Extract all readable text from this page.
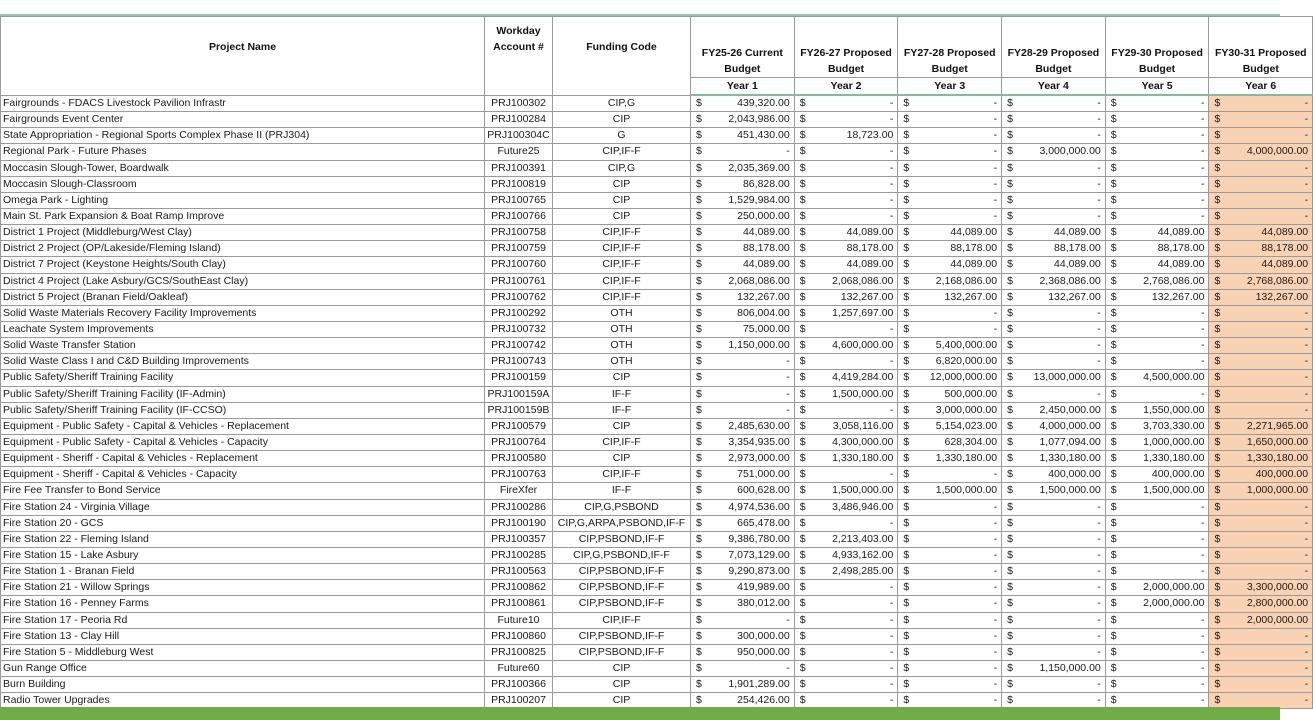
Project Name	Workday Account #	Funding Code	FY25-26 Current Budget	FY26-27 Proposed Budget	FY27-28 Proposed Budget	FY28-29 Proposed Budget	FY29-30 Proposed Budget	FY30-31 Proposed Budget
			Year 1	Year 2	Year 3	Year 4	Year 5	Year 6
Fairgrounds - FDACS Livestock Pavilion Infrastr	PRJ100302	CIP,G	$ 439,320.00	$ -	$ -	$ -	$ -	$ -
Fairgrounds Event Center	PRJ100284	CIP	$ 2,043,986.00	$ -	$ -	$ -	$ -	$ -
State Appropriation - Regional Sports Complex Phase II (PRJ304)	PRJ100304C	G	$ 451,430.00	$ 18,723.00	$ -	$ -	$ -	$ -
Regional Park - Future Phases	Future25	CIP,IF-F	$ -	$ -	$ -	$ 3,000,000.00	$ -	$ 4,000,000.00
Moccasin Slough-Tower, Boardwalk	PRJ100391	CIP,G	$ 2,035,369.00	$ -	$ -	$ -	$ -	$ -
Moccasin Slough-Classroom	PRJ100819	CIP	$ 86,828.00	$ -	$ -	$ -	$ -	$ -
Omega Park - Lighting	PRJ100765	CIP	$ 1,529,984.00	$ -	$ -	$ -	$ -	$ -
Main St. Park Expansion & Boat Ramp Improve	PRJ100766	CIP	$ 250,000.00	$ -	$ -	$ -	$ -	$ -
District 1 Project (Middleburg/West Clay)	PRJ100758	CIP,IF-F	$ 44,089.00	$ 44,089.00	$ 44,089.00	$ 44,089.00	$ 44,089.00	$ 44,089.00
District 2 Project (OP/Lakeside/Fleming Island)	PRJ100759	CIP,IF-F	$ 88,178.00	$ 88,178.00	$ 88,178.00	$ 88,178.00	$ 88,178.00	$ 88,178.00
District 7 Project (Keystone Heights/South Clay)	PRJ100760	CIP,IF-F	$ 44,089.00	$ 44,089.00	$ 44,089.00	$ 44,089.00	$ 44,089.00	$ 44,089.00
District 4 Project (Lake Asbury/GCS/SouthEast Clay)	PRJ100761	CIP,IF-F	$ 2,068,086.00	$ 2,068,086.00	$ 2,168,086.00	$ 2,368,086.00	$ 2,768,086.00	$ 2,768,086.00
District 5 Project (Branan Field/Oakleaf)	PRJ100762	CIP,IF-F	$ 132,267.00	$ 132,267.00	$ 132,267.00	$ 132,267.00	$ 132,267.00	$ 132,267.00
Solid Waste Materials Recovery Facility Improvements	PRJ100292	OTH	$ 806,004.00	$ 1,257,697.00	$ -	$ -	$ -	$ -
Leachate System Improvements	PRJ100732	OTH	$ 75,000.00	$ -	$ -	$ -	$ -	$ -
Solid Waste Transfer Station	PRJ100742	OTH	$ 1,150,000.00	$ 4,600,000.00	$ 5,400,000.00	$ -	$ -	$ -
Solid Waste Class I and C&D Building Improvements	PRJ100743	OTH	$ -	$ -	$ 6,820,000.00	$ -	$ -	$ -
Public Safety/Sheriff Training Facility	PRJ100159	CIP	$ -	$ 4,419,284.00	$ 12,000,000.00	$ 13,000,000.00	$ 4,500,000.00	$ -
Public Safety/Sheriff Training Facility (IF-Admin)	PRJ100159A	IF-F	$ -	$ 1,500,000.00	$ 500,000.00	$ -	$ -	$ -
Public Safety/Sheriff Training Facility (IF-CCSO)	PRJ100159B	IF-F	$ -	$ -	$ 3,000,000.00	$ 2,450,000.00	$ 1,550,000.00	$ -
Equipment - Public Safety - Capital & Vehicles - Replacement	PRJ100579	CIP	$ 2,485,630.00	$ 3,058,116.00	$ 5,154,023.00	$ 4,000,000.00	$ 3,703,330.00	$ 2,271,965.00
Equipment - Public Safety - Capital & Vehicles - Capacity	PRJ100764	CIP,IF-F	$ 3,354,935.00	$ 4,300,000.00	$ 628,304.00	$ 1,077,094.00	$ 1,000,000.00	$ 1,650,000.00
Equipment - Sheriff - Capital & Vehicles - Replacement	PRJ100580	CIP	$ 2,973,000.00	$ 1,330,180.00	$ 1,330,180.00	$ 1,330,180.00	$ 1,330,180.00	$ 1,330,180.00
Equipment - Sheriff - Capital & Vehicles - Capacity	PRJ100763	CIP,IF-F	$ 751,000.00	$ -	$ -	$ 400,000.00	$ 400,000.00	$ 400,000.00
Fire Fee Transfer to Bond Service	FireXfer	IF-F	$ 600,628.00	$ 1,500,000.00	$ 1,500,000.00	$ 1,500,000.00	$ 1,500,000.00	$ 1,000,000.00
Fire Station 24 - Virginia Village	PRJ100286	CIP,G,PSBOND	$ 4,974,536.00	$ 3,486,946.00	$ -	$ -	$ -	$ -
Fire Station 20 - GCS	PRJ100190	CIP,G,ARPA,PSBOND,IF-F	$ 665,478.00	$ -	$ -	$ -	$ -	$ -
Fire Station 22 - Fleming Island	PRJ100357	CIP,PSBOND,IF-F	$ 9,386,780.00	$ 2,213,403.00	$ -	$ -	$ -	$ -
Fire Station 15 - Lake Asbury	PRJ100285	CIP,G,PSBOND,IF-F	$ 7,073,129.00	$ 4,933,162.00	$ -	$ -	$ -	$ -
Fire Station 1 - Branan Field	PRJ100563	CIP,PSBOND,IF-F	$ 9,290,873.00	$ 2,498,285.00	$ -	$ -	$ -	$ -
Fire Station 21 - Willow Springs	PRJ100862	CIP,PSBOND,IF-F	$ 419,989.00	$ -	$ -	$ -	$ 2,000,000.00	$ 3,300,000.00
Fire Station 16 - Penney Farms	PRJ100861	CIP,PSBOND,IF-F	$ 380,012.00	$ -	$ -	$ -	$ 2,000,000.00	$ 2,800,000.00
Fire Station 17 - Peoria Rd	Future10	CIP,IF-F	$ -	$ -	$ -	$ -	$ -	$ 2,000,000.00
Fire Station 13 - Clay Hill	PRJ100860	CIP,PSBOND,IF-F	$ 300,000.00	$ -	$ -	$ -	$ -	$ -
Fire Station 5 - Middleburg West	PRJ100825	CIP,PSBOND,IF-F	$ 950,000.00	$ -	$ -	$ -	$ -	$ -
Gun Range Office	Future60	CIP	$ -	$ -	$ -	$ 1,150,000.00	$ -	$ -
Burn Building	PRJ100366	CIP	$ 1,901,289.00	$ -	$ -	$ -	$ -	$ -
Radio Tower Upgrades	PRJ100207	CIP	$ 254,426.00	$ -	$ -	$ -	$ -	$ -
